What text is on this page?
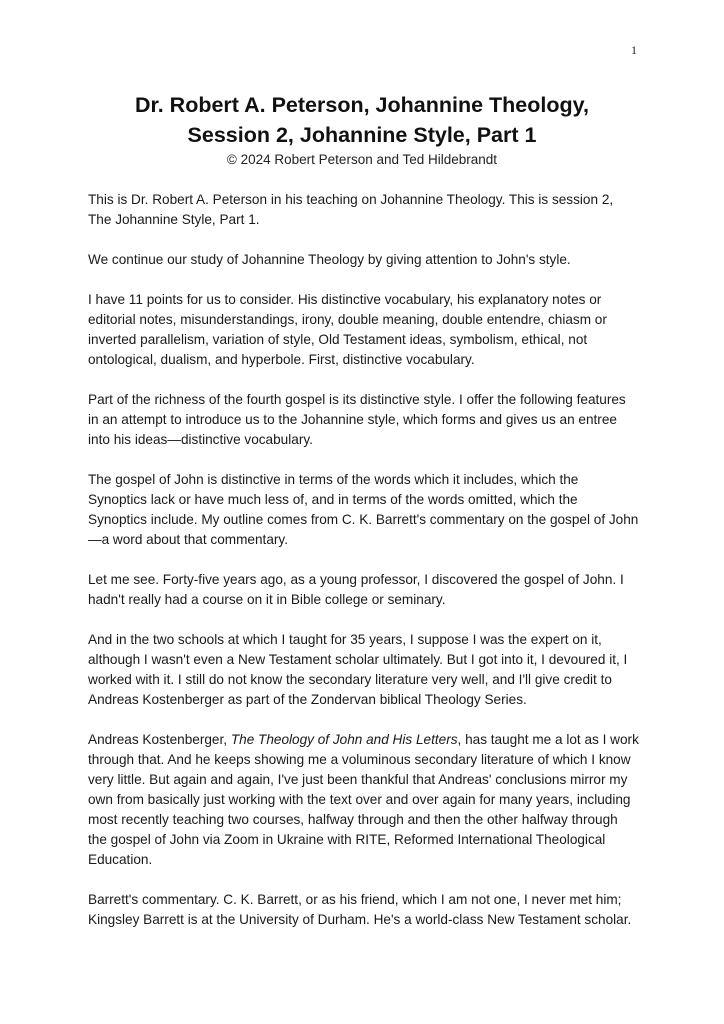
1
Dr. Robert A. Peterson, Johannine Theology,
Session 2, Johannine Style, Part 1
© 2024 Robert Peterson and Ted Hildebrandt

This is Dr. Robert A. Peterson in his teaching on Johannine Theology. This is session 2, The Johannine Style, Part 1.

We continue our study of Johannine Theology by giving attention to John's style.

I have 11 points for us to consider. His distinctive vocabulary, his explanatory notes or editorial notes, misunderstandings, irony, double meaning, double entendre, chiasm or inverted parallelism, variation of style, Old Testament ideas, symbolism, ethical, not ontological, dualism, and hyperbole. First, distinctive vocabulary.

Part of the richness of the fourth gospel is its distinctive style. I offer the following features in an attempt to introduce us to the Johannine style, which forms and gives us an entree into his ideas—distinctive vocabulary.

The gospel of John is distinctive in terms of the words which it includes, which the Synoptics lack or have much less of, and in terms of the words omitted, which the Synoptics include. My outline comes from C. K. Barrett's commentary on the gospel of John—a word about that commentary.

Let me see. Forty-five years ago, as a young professor, I discovered the gospel of John. I hadn't really had a course on it in Bible college or seminary.

And in the two schools at which I taught for 35 years, I suppose I was the expert on it, although I wasn't even a New Testament scholar ultimately. But I got into it, I devoured it, I worked with it. I still do not know the secondary literature very well, and I'll give credit to Andreas Kostenberger as part of the Zondervan biblical Theology Series.

Andreas Kostenberger, The Theology of John and His Letters, has taught me a lot as I work through that. And he keeps showing me a voluminous secondary literature of which I know very little. But again and again, I've just been thankful that Andreas' conclusions mirror my own from basically just working with the text over and over again for many years, including most recently teaching two courses, halfway through and then the other halfway through the gospel of John via Zoom in Ukraine with RITE, Reformed International Theological Education.

Barrett's commentary. C. K. Barrett, or as his friend, which I am not one, I never met him; Kingsley Barrett is at the University of Durham. He's a world-class New Testament scholar.
